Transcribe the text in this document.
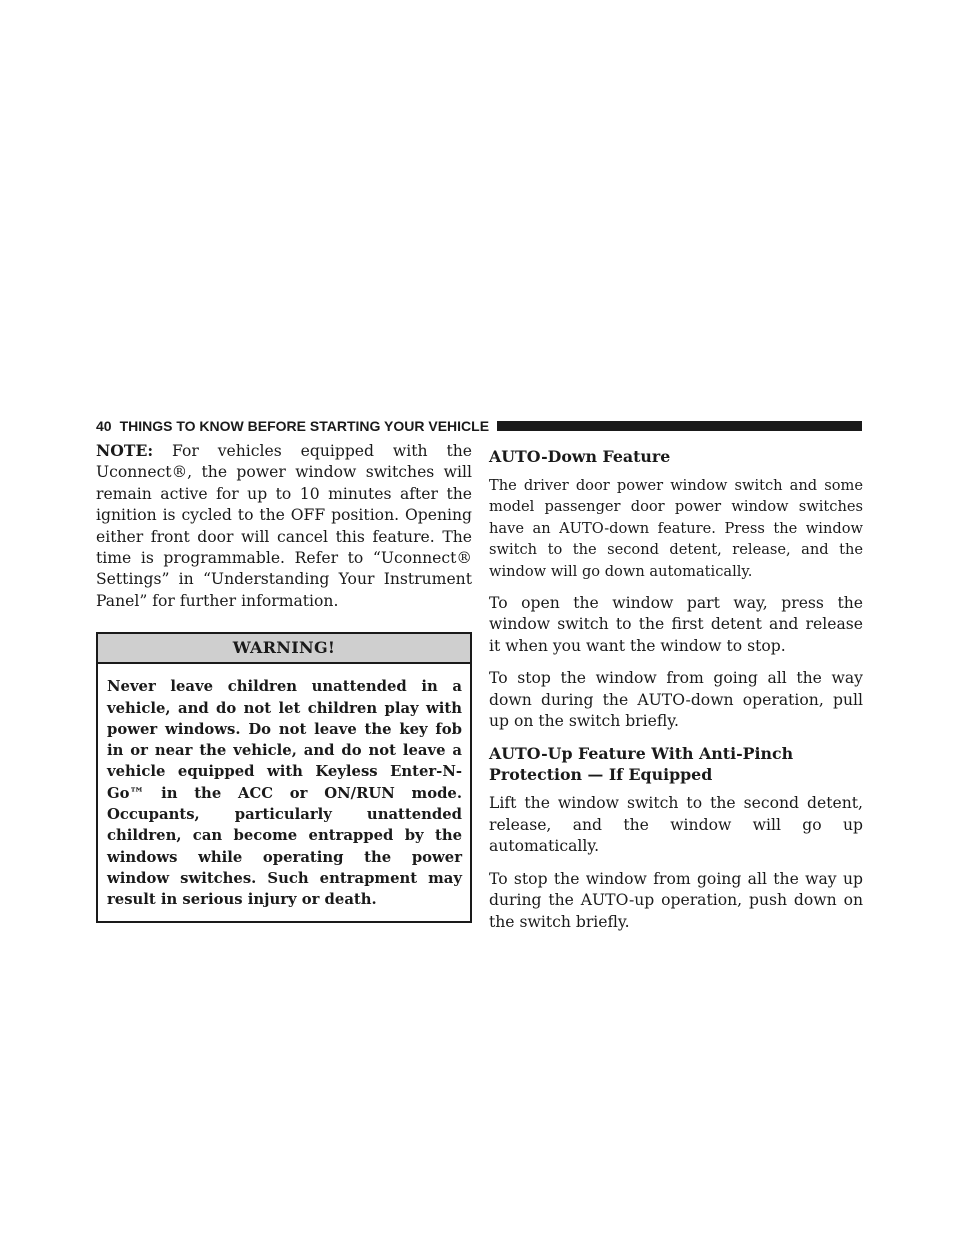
40 THINGS TO KNOW BEFORE STARTING YOUR VEHICLE

NOTE: For vehicles equipped with the Uconnect®, the power window switches will remain active for up to 10 minutes after the ignition is cycled to the OFF position. Opening either front door will cancel this feature. The time is programmable. Refer to “Uconnect® Settings” in “Understanding Your Instrument Panel” for further information.

WARNING!
Never leave children unattended in a vehicle, and do not let children play with power windows. Do not leave the key fob in or near the vehicle, and do not leave a vehicle equipped with Keyless Enter-N-Go™ in the ACC or ON/RUN mode. Occupants, particularly unattended children, can become entrapped by the windows while operating the power window switches. Such entrapment may result in serious injury or death.
AUTO-Down Feature

The driver door power window switch and some model passenger door power window switches have an AUTO-down feature. Press the window switch to the second detent, release, and the window will go down automatically.

To open the window part way, press the window switch to the first detent and release it when you want the window to stop.

To stop the window from going all the way down during the AUTO-down operation, pull up on the switch briefly.

AUTO-Up Feature With Anti-Pinch Protection — If Equipped

Lift the window switch to the second detent, release, and the window will go up automatically.

To stop the window from going all the way up during the AUTO-up operation, push down on the switch briefly.
